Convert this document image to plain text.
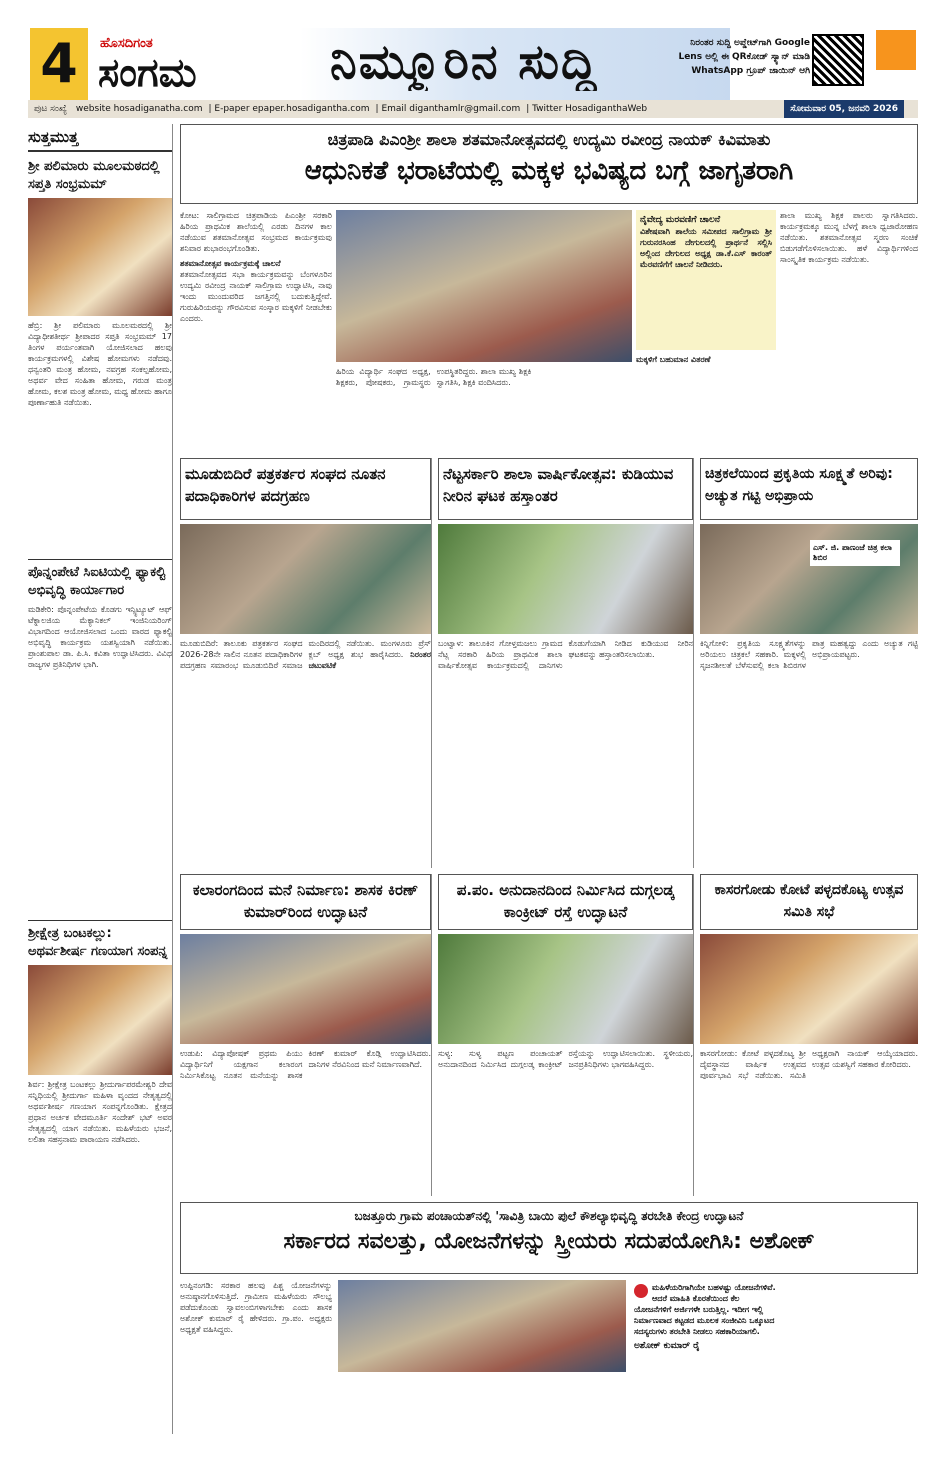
4	ಹೊಸದಿಗಂತ
ಸಂಗಮ	ನಿಮ್ಮೂರಿನ ಸುದ್ದಿ	ನಿರಂತರ ಸುದ್ದಿ ಅಪ್ಡೇಟ್‌ಗಾಗಿ Google Lens ಅಲ್ಲಿ ಈ QRಕೋಡ್ ಸ್ಕ್ಯಾನ್ ಮಾಡಿ WhatsApp ಗ್ರೂಪ್ ಜಾಯಿನ್ ಆಗಿ
ಪುಟ ಸಂಖ್ಯೆ website hosadiganatha.com | E-paper epaper.hosadigantha.com | Email diganthamlr@gmail.com | Twitter HosadiganthaWeb	ಸೋಮವಾರ 05, ಜನವರಿ 2026
ಸುತ್ತಮುತ್ತ
ಶ್ರೀ ಪಲಿಮಾರು ಮೂಲಮಠದಲ್ಲಿ ಸಪ್ತತಿ ಸಂಭ್ರಮಮ್
ಹೆಬ್ರಿ: ಶ್ರೀ ಪಲಿಮಾರು ಮೂಲಮಠದಲ್ಲಿ ಶ್ರೀ ವಿದ್ಯಾಧೀಶತೀರ್ಥ ಶ್ರೀಪಾದರ ಸಪ್ತತಿ ಸಂಭ್ರಮಮ್ 17 ತಿಂಗಳ ಪರ್ಯಂತವಾಗಿ ಯೋಜಿಸಲಾದ ಹಲವು ಕಾರ್ಯಕ್ರಮಗಳಲ್ಲಿ ವಿಶೇಷ ಹೋಮಗಳು ನಡೆದವು. ಧನ್ವಂತರಿ ಮಂತ್ರ ಹೋಮ, ನವಗ್ರಹ ಸಂಕಲ್ಪಹೋಮ, ಅಥರ್ವ ವೇದ ಸಂಹಿತಾ ಹೋಮ, ಗರುಡ ಮಂತ್ರ ಹೋಮ, ಕಲಶ ಮಂತ್ರ ಹೋಮ, ಮಧ್ಯ ಹೋಮ ಹಾಗೂ ಪೂರ್ಣಾಹುತಿ ನಡೆಯಿತು.
ಪೊನ್ನಂಪೇಟೆ ಸಿಐಟಿಯಲ್ಲಿ ಫ್ಯಾಕಲ್ಟಿ ಅಭಿವೃದ್ಧಿ ಕಾರ್ಯಾಗಾರ
ಮಡಿಕೇರಿ: ಪೊನ್ನಂಪೇಟೆಯ ಕೊಡಗು ಇನ್ಸ್ಟಿಟ್ಯೂಟ್ ಆಫ್ ಟೆಕ್ನಾಲಜಿಯ ಮೆಕ್ಯಾನಿಕಲ್ ಇಂಜಿನಿಯರಿಂಗ್ ವಿಭಾಗದಿಂದ ಆಯೋಜಿಸಲಾದ ಒಂದು ವಾರದ ಫ್ಯಾಕಲ್ಟಿ ಅಭಿವೃದ್ಧಿ ಕಾರ್ಯಕ್ರಮ ಯಶಸ್ವಿಯಾಗಿ ನಡೆಯಿತು. ಪ್ರಾಂಶುಪಾಲ ಡಾ. ಪಿ.ಸಿ. ಕವಿತಾ ಉದ್ಘಾಟಿಸಿದರು. ವಿವಿಧ ರಾಜ್ಯಗಳ ಪ್ರತಿನಿಧಿಗಳ ಭಾಗಿ.
ಶ್ರೀಕ್ಷೇತ್ರ ಬಂಟಕಲ್ಲು: ಅಥರ್ವಶೀರ್ಷ ಗಣಯಾಗ ಸಂಪನ್ನ
ಶಿರ್ವ: ಶ್ರೀಕ್ಷೇತ್ರ ಬಂಟಕಲ್ಲು ಶ್ರೀದುರ್ಗಾಪರಮೇಶ್ವರಿ ದೇವ ಸನ್ನಿಧಿಯಲ್ಲಿ ಶ್ರೀದುರ್ಗಾ ಮಹಿಳಾ ವೃಂದದ ನೇತೃತ್ವದಲ್ಲಿ ಅಥರ್ವಶೀರ್ಷ ಗಣಯಾಗ ಸಂಪನ್ನಗೊಂಡಿತು. ಕ್ಷೇತ್ರದ ಪ್ರಧಾನ ಅರ್ಚಕ ವೇದಮೂರ್ತಿ ಸಂದೇಶ್ ಭಟ್ ಅವರ ನೇತೃತ್ವದಲ್ಲಿ ಯಾಗ ನಡೆಯಿತು. ಮಹಿಳೆಯರು ಭಜನೆ, ಲಲಿತಾ ಸಹಸ್ರನಾಮ ಪಾರಾಯಣ ನಡೆಸಿದರು.
ಚಿತ್ರಪಾಡಿ ಪಿಎಂಶ್ರೀ ಶಾಲಾ ಶತಮಾನೋತ್ಸವದಲ್ಲಿ ಉದ್ಯಮಿ ರವೀಂದ್ರ ನಾಯಕ್ ಕಿವಿಮಾತು
ಆಧುನಿಕತೆ ಭರಾಟೆಯಲ್ಲಿ ಮಕ್ಕಳ ಭವಿಷ್ಯದ ಬಗ್ಗೆ ಜಾಗೃತರಾಗಿ
ಕೋಟ: ಸಾಲಿಗ್ರಾಮದ ಚಿತ್ರಪಾಡಿಯ ಪಿಎಂಶ್ರೀ ಸರಕಾರಿ ಹಿರಿಯ ಪ್ರಾಥಮಿಕ ಶಾಲೆಯಲ್ಲಿ ಎರಡು ದಿನಗಳ ಕಾಲ ನಡೆಯುವ ಶತಮಾನೋತ್ಸವ ಸಂಭ್ರಮದ ಕಾರ್ಯಕ್ರಮವು ಶನಿವಾರ ಶುಭಾರಂಭಗೊಂಡಿತು.
ಶತಮಾನೋತ್ಸವ ಕಾರ್ಯಕ್ರಮಕ್ಕೆ ಚಾಲನೆ
ಶತಮಾನೋತ್ಸವದ ಸಭಾ ಕಾರ್ಯಕ್ರಮವನ್ನು ಬೆಂಗಳೂರಿನ ಉದ್ಯಮಿ ರವೀಂದ್ರ ನಾಯಕ್ ಸಾಲಿಗ್ರಾಮ ಉದ್ಘಾಟಿಸಿ, ನಾವು ಇಂದು ಮುಂದುವರಿದ ಜಗತ್ತಿನಲ್ಲಿ ಬದುಕುತ್ತಿದ್ದೇವೆ. ಗುರುಹಿರಿಯರನ್ನು ಗೌರವಿಸುವ ಸಂಸ್ಕಾರ ಮಕ್ಕಳಿಗೆ ನೀಡಬೇಕು ಎಂದರು.
ಹಿರಿಯ ವಿದ್ಯಾರ್ಥಿ ಸಂಘದ ಅಧ್ಯಕ್ಷ, ಶಿಕ್ಷಕರು, ಪೋಷಕರು, ಗ್ರಾಮಸ್ಥರು ಉಪಸ್ಥಿತರಿದ್ದರು. ಶಾಲಾ ಮುಖ್ಯ ಶಿಕ್ಷಕಿ ಸ್ವಾಗತಿಸಿ, ಶಿಕ್ಷಕಿ ವಂದಿಸಿದರು.
ನೈವೇದ್ಯ ಮರವಣಿಗೆ ಚಾಲನೆ
ವಿಶೇಷವಾಗಿ ಶಾಲೆಯ ಸಮೀಪದ ಸಾಲಿಗ್ರಾಮ ಶ್ರೀ ಗುರುನರಸಿಂಹ ದೇಗುಲದಲ್ಲಿ ಪ್ರಾರ್ಥನೆ ಸಲ್ಲಿಸಿ ಅಲ್ಲಿಂದ ದೇಗುಲದ ಅಧ್ಯಕ್ಷ ಡಾ.ಕೆ.ಎಸ್ ಕಾರಂತ್ ಮೆರವಣಿಗೆಗೆ ಚಾಲನೆ ನೀಡಿದರು.
ಮಕ್ಕಳಿಗೆ ಬಹುಮಾನ ವಿತರಣೆ
ಶಾಲಾ ಮುಖ್ಯ ಶಿಕ್ಷಕ ಪಾಲರು ಸ್ವಾಗತಿಸಿದರು. ಕಾರ್ಯಕ್ರಮಕ್ಕೂ ಮುನ್ನ ಬೆಳಗ್ಗೆ ಶಾಲಾ ಧ್ವಜಾರೋಹಣ ನಡೆಯಿತು. ಶತಮಾನೋತ್ಸವ ಸ್ಮರಣ ಸಂಚಿಕೆ ಬಿಡುಗಡೆಗೊಳಿಸಲಾಯಿತು. ಹಳೆ ವಿದ್ಯಾರ್ಥಿಗಳಿಂದ ಸಾಂಸ್ಕೃತಿಕ ಕಾರ್ಯಕ್ರಮ ನಡೆಯಿತು.
ಮೂಡುಬಿದಿರೆ ಪತ್ರಕರ್ತರ ಸಂಘದ ನೂತನ ಪದಾಧಿಕಾರಿಗಳ ಪದಗ್ರಹಣ
ಮೂಡುಬಿದಿರೆ: ತಾಲೂಕು ಪತ್ರಕರ್ತರ ಸಂಘದ 2026-28ನೇ ಸಾಲಿನ ನೂತನ ಪದಾಧಿಕಾರಿಗಳ ಪದಗ್ರಹಣ ಸಮಾರಂಭ ಮೂಡುಬಿದಿರೆ ಸಮಾಜ ಮಂದಿರದಲ್ಲಿ ನಡೆಯಿತು. ಮಂಗಳೂರು ಪ್ರೆಸ್ ಕ್ಲಬ್ ಅಧ್ಯಕ್ಷ ಶುಭ ಹಾರೈಸಿದರು. ನಿರಂತರ ಚಟುವಟಿಕೆ
ನೆಟ್ಟಸರ್ಕಾರಿ ಶಾಲಾ ವಾರ್ಷಿಕೋತ್ಸವ: ಕುಡಿಯುವ ನೀರಿನ ಘಟಕ ಹಸ್ತಾಂತರ
ಬಂಟ್ವಾಳ: ತಾಲೂಕಿನ ಗೋಳ್ತಮಜಲು ಗ್ರಾಮದ ನೆಟ್ಲ ಸರಕಾರಿ ಹಿರಿಯ ಪ್ರಾಥಮಿಕ ಶಾಲಾ ವಾರ್ಷಿಕೋತ್ಸವ ಕಾರ್ಯಕ್ರಮದಲ್ಲಿ ದಾನಿಗಳು ಕೊಡುಗೆಯಾಗಿ ನೀಡಿದ ಕುಡಿಯುವ ನೀರಿನ ಘಟಕವನ್ನು ಹಸ್ತಾಂತರಿಸಲಾಯಿತು.
ಚಿತ್ರಕಲೆಯಿಂದ ಪ್ರಕೃತಿಯ ಸೂಕ್ಷ್ಮತೆ ಅರಿವು: ಅಚ್ಯುತ ಗಟ್ಟಿ ಅಭಿಪ್ರಾಯ
ಎಸ್. ಜಿ. ಪಾಣಂಜೆ ಚಿತ್ರ ಕಲಾ ಶಿಬಿರ
ಕಿನ್ನಿಗೋಳಿ: ಪ್ರಕೃತಿಯ ಸೂಕ್ಷ್ಮತೆಗಳನ್ನು ಅರಿಯಲು ಚಿತ್ರಕಲೆ ಸಹಕಾರಿ. ಮಕ್ಕಳಲ್ಲಿ ಸೃಜನಶೀಲತೆ ಬೆಳೆಸುವಲ್ಲಿ ಕಲಾ ಶಿಬಿರಗಳ ಪಾತ್ರ ಮಹತ್ವದ್ದು ಎಂದು ಅಚ್ಯುತ ಗಟ್ಟಿ ಅಭಿಪ್ರಾಯಪಟ್ಟರು.
ಕಲಾರಂಗದಿಂದ ಮನೆ ನಿರ್ಮಾಣ: ಶಾಸಕ ಕಿರಣ್ ಕುಮಾರ್‌ರಿಂದ ಉದ್ಘಾಟನೆ
ಉಡುಪಿ: ವಿದ್ಯಾಪೋಷಕ್ ಪ್ರಥಮ ಪಿಯು ವಿದ್ಯಾರ್ಥಿನಿಗೆ ಯಕ್ಷಗಾನ ಕಲಾರಂಗ ನಿರ್ಮಿಸಿಕೊಟ್ಟ ನೂತನ ಮನೆಯನ್ನು ಶಾಸಕ ಕಿರಣ್ ಕುಮಾರ್ ಕೊಡ್ಗಿ ಉದ್ಘಾಟಿಸಿದರು. ದಾನಿಗಳ ನೆರವಿನಿಂದ ಮನೆ ನಿರ್ಮಾಣವಾಗಿದೆ.
ಪ.ಪಂ. ಅನುದಾನದಿಂದ ನಿರ್ಮಿಸಿದ ದುಗ್ಗಲಡ್ಕ ಕಾಂಕ್ರೀಟ್ ರಸ್ತೆ ಉದ್ಘಾಟನೆ
ಸುಳ್ಯ: ಸುಳ್ಯ ಪಟ್ಟಣ ಪಂಚಾಯತ್ ಅನುದಾನದಿಂದ ನಿರ್ಮಿಸಿದ ದುಗ್ಗಲಡ್ಕ ಕಾಂಕ್ರೀಟ್ ರಸ್ತೆಯನ್ನು ಉದ್ಘಾಟಿಸಲಾಯಿತು. ಸ್ಥಳೀಯರು, ಜನಪ್ರತಿನಿಧಿಗಳು ಭಾಗವಹಿಸಿದ್ದರು.
ಕಾಸರಗೋಡು ಕೋಟೆ ಪಳ್ಳದಕೊಟ್ಯ ಉತ್ಸವ ಸಮಿತಿ ಸಭೆ
ಕಾಸರಗೋಡು: ಕೋಟೆ ಪಳ್ಳದಕೊಟ್ಯ ಶ್ರೀ ದೈವಸ್ಥಾನದ ವಾರ್ಷಿಕ ಉತ್ಸವದ ಪೂರ್ವಭಾವಿ ಸಭೆ ನಡೆಯಿತು. ಸಮಿತಿ ಅಧ್ಯಕ್ಷರಾಗಿ ನಾಯಕ್ ಆಯ್ಕೆಯಾದರು. ಉತ್ಸವ ಯಶಸ್ವಿಗೆ ಸಹಕಾರ ಕೋರಿದರು.
ಬಜತ್ತೂರು ಗ್ರಾಮ ಪಂಚಾಯತ್‌ನಲ್ಲಿ 'ಸಾವಿತ್ರಿ ಬಾಯಿ ಪುಲೆ ಕೌಶಲ್ಯಾಭಿವೃದ್ಧಿ ತರಬೇತಿ ಕೇಂದ್ರ ಉದ್ಘಾಟನೆ
ಸರ್ಕಾರದ ಸವಲತ್ತು, ಯೋಜನೆಗಳನ್ನು ಸ್ತ್ರೀಯರು ಸದುಪಯೋಗಿಸಿ: ಅಶೋಕ್
ಉಪ್ಪಿನಂಗಡಿ: ಸರಕಾರ ಹಲವು ಪಿಶ್ಚ ಯೋಜನೆಗಳನ್ನು ಅನುಷ್ಠಾನಗೊಳಿಸುತ್ತಿದೆ. ಗ್ರಾಮೀಣ ಮಹಿಳೆಯರು ಸೌಲಭ್ಯ ಪಡೆದುಕೊಂಡು ಸ್ವಾವಲಂಬಿಗಳಾಗಬೇಕು ಎಂದು ಶಾಸಕ ಅಶೋಕ್ ಕುಮಾರ್ ರೈ ಹೇಳಿದರು. ಗ್ರಾ.ಪಂ. ಅಧ್ಯಕ್ಷರು ಅಧ್ಯಕ್ಷತೆ ವಹಿಸಿದ್ದರು.
ಮಹಿಳೆಯರಿಗಾಗಿಯೇ ಬಹಳಷ್ಟು ಯೋಜನೆಗಳಿವೆ. ಆದರೆ ಮಾಹಿತಿ ಕೊರತೆಯಿಂದ ಕೆಲ ಯೋಜನೆಗಳಿಗೆ ಅರ್ಜಿಗಳೇ ಬರುತ್ತಿಲ್ಲ. ಇದೀಗ ಇಲ್ಲಿ ನಿರ್ಮಾಣವಾದ ಕಟ್ಟಡದ ಮೂಲಕ ಸಂಜೀವಿನಿ ಒಕ್ಕೂಟದ ಸದಸ್ಯರುಗಳು ತರಬೇತಿ ನೀಡಲು ಸಹಕಾರಿಯಾಗಲಿ.
ಅಶೋಕ್ ಕುಮಾರ್ ರೈ
